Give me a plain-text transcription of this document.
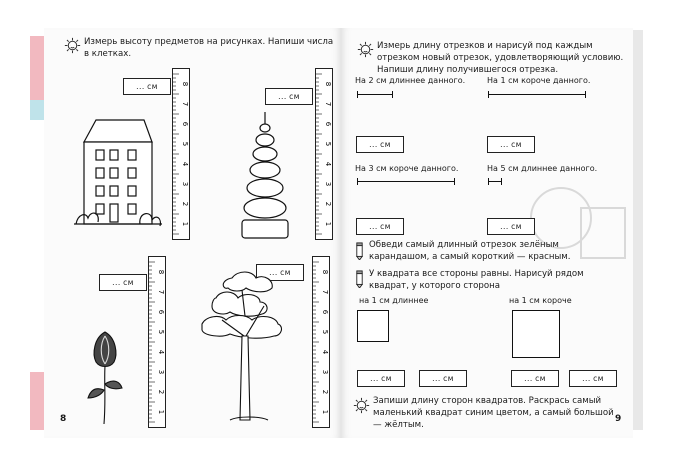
Измерь высоту предметов на рисунках. Напиши числа в клетках.
... см	8
7
6
5
4
3
2
1
... см
8
7
6
5
4
3
2
1
... см
8
7
6
5
4
3
2
1
... см	8
7
6
5
4
3
2
1
8
Измерь длину отрезков и нарисуй под каждым отрезком новый отрезок, удовлетворяющий условию. Напиши длину получившегося отрезка.
На 2 см длиннее данного.
... см
На 1 см короче данного.
... см
На 3 см короче данного.
... см
На 5 см длиннее данного.
... см
Обведи самый длинный отрезок зелёным карандашом, а самый короткий — красным.
У квадрата все стороны равны. Нарисуй рядом квадрат, у которого сторона
на 1 см длиннее	на 1 см короче
... см	... см	... см	... см
Запиши длину сторон квадратов. Раскрась самый маленький квадрат синим цветом, а самый большой — жёлтым.
9
